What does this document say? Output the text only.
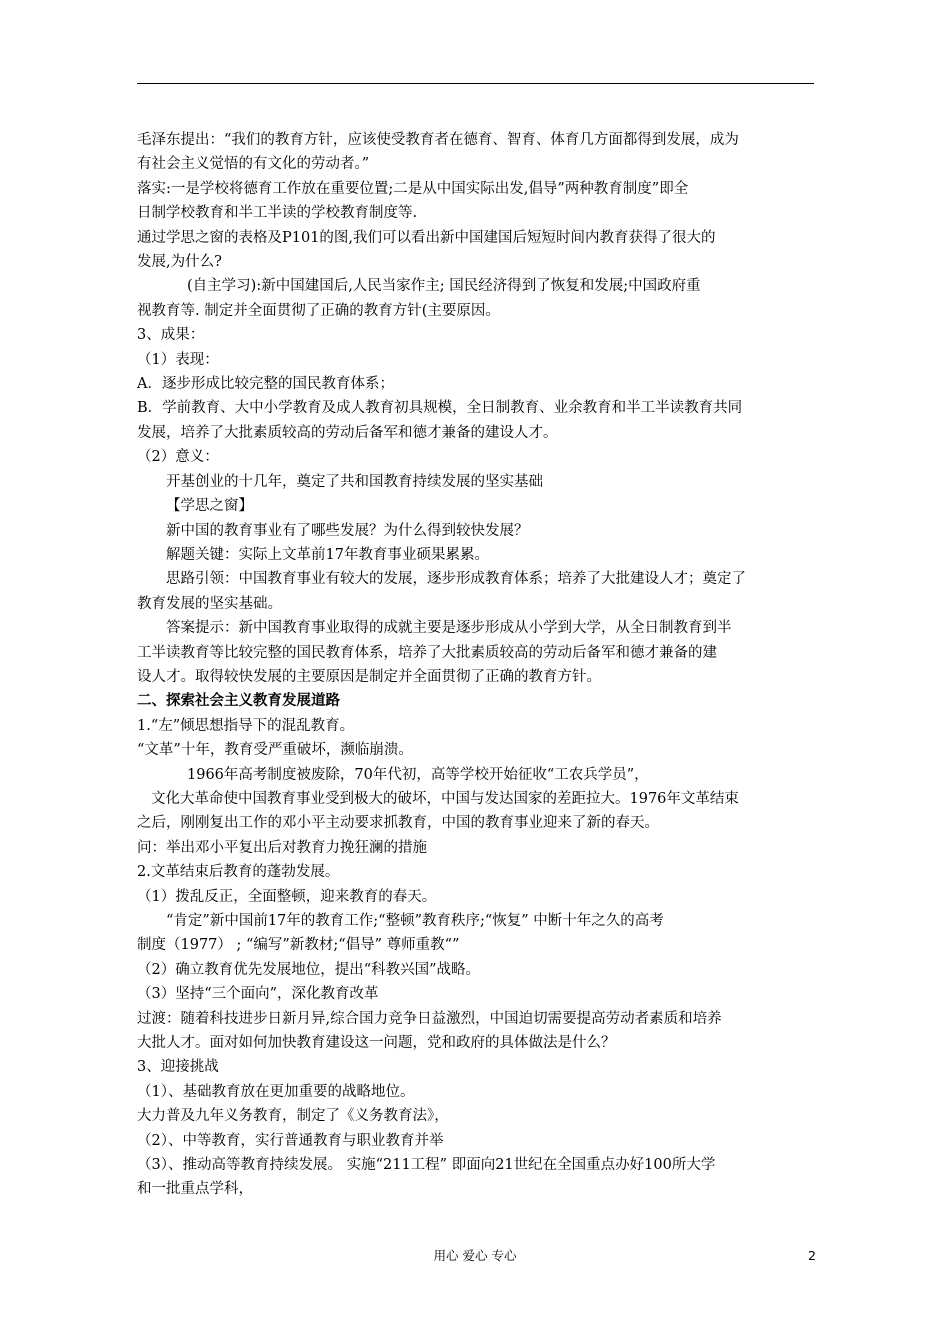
毛泽东提出：“我们的教育方针，应该使受教育者在德育、智育、体育几方面都得到发展，成为

有社会主义觉悟的有文化的劳动者。”

落实:一是学校将德育工作放在重要位置;二是从中国实际出发,倡导”两种教育制度”即全

日制学校教育和半工半读的学校教育制度等.

通过学思之窗的表格及P101的图,我们可以看出新中国建国后短短时间内教育获得了很大的

发展,为什么?

(自主学习):新中国建国后,人民当家作主; 国民经济得到了恢复和发展;中国政府重

视教育等. 制定并全面贯彻了正确的教育方针(主要原因。

3、成果：

（1）表现：

A．逐步形成比较完整的国民教育体系；

B．学前教育、大中小学教育及成人教育初具规模，全日制教育、业余教育和半工半读教育共同

发展，培养了大批素质较高的劳动后备军和德才兼备的建设人才。

（2）意义：

开基创业的十几年，奠定了共和国教育持续发展的坚实基础

【学思之窗】

新中国的教育事业有了哪些发展？为什么得到较快发展？

解题关键：实际上文革前17年教育事业硕果累累。

思路引领：中国教育事业有较大的发展，逐步形成教育体系；培养了大批建设人才；奠定了

教育发展的坚实基础。

答案提示：新中国教育事业取得的成就主要是逐步形成从小学到大学，从全日制教育到半

工半读教育等比较完整的国民教育体系，培养了大批素质较高的劳动后备军和德才兼备的建

设人才。取得较快发展的主要原因是制定并全面贯彻了正确的教育方针。

二、探索社会主义教育发展道路

1.“左”倾思想指导下的混乱教育。

“文革”十年，教育受严重破坏，濒临崩溃。

1966年高考制度被废除，70年代初，高等学校开始征收“工农兵学员”，

文化大革命使中国教育事业受到极大的破坏，中国与发达国家的差距拉大。1976年文革结束

之后，刚刚复出工作的邓小平主动要求抓教育，中国的教育事业迎来了新的春天。

问：举出邓小平复出后对教育力挽狂澜的措施

2.文革结束后教育的蓬勃发展。

（1）拨乱反正，全面整顿，迎来教育的春天。

“肯定”新中国前17年的教育工作;“整顿”教育秩序;“恢复” 中断十年之久的高考

制度（1977） ; “编写”新教材;“倡导” 尊师重教“”

（2）确立教育优先发展地位，提出“科教兴国”战略。

（3）坚持“三个面向”，深化教育改革

过渡：随着科技进步日新月异,综合国力竞争日益激烈，中国迫切需要提高劳动者素质和培养

大批人才。面对如何加快教育建设这一问题，党和政府的具体做法是什么？

3、迎接挑战

（1）、基础教育放在更加重要的战略地位。

大力普及九年义务教育，制定了《义务教育法》，

（2）、中等教育，实行普通教育与职业教育并举

（3）、推动高等教育持续发展。 实施“211工程” 即面向21世纪在全国重点办好100所大学

和一批重点学科，

用心 爱心 专心	2
